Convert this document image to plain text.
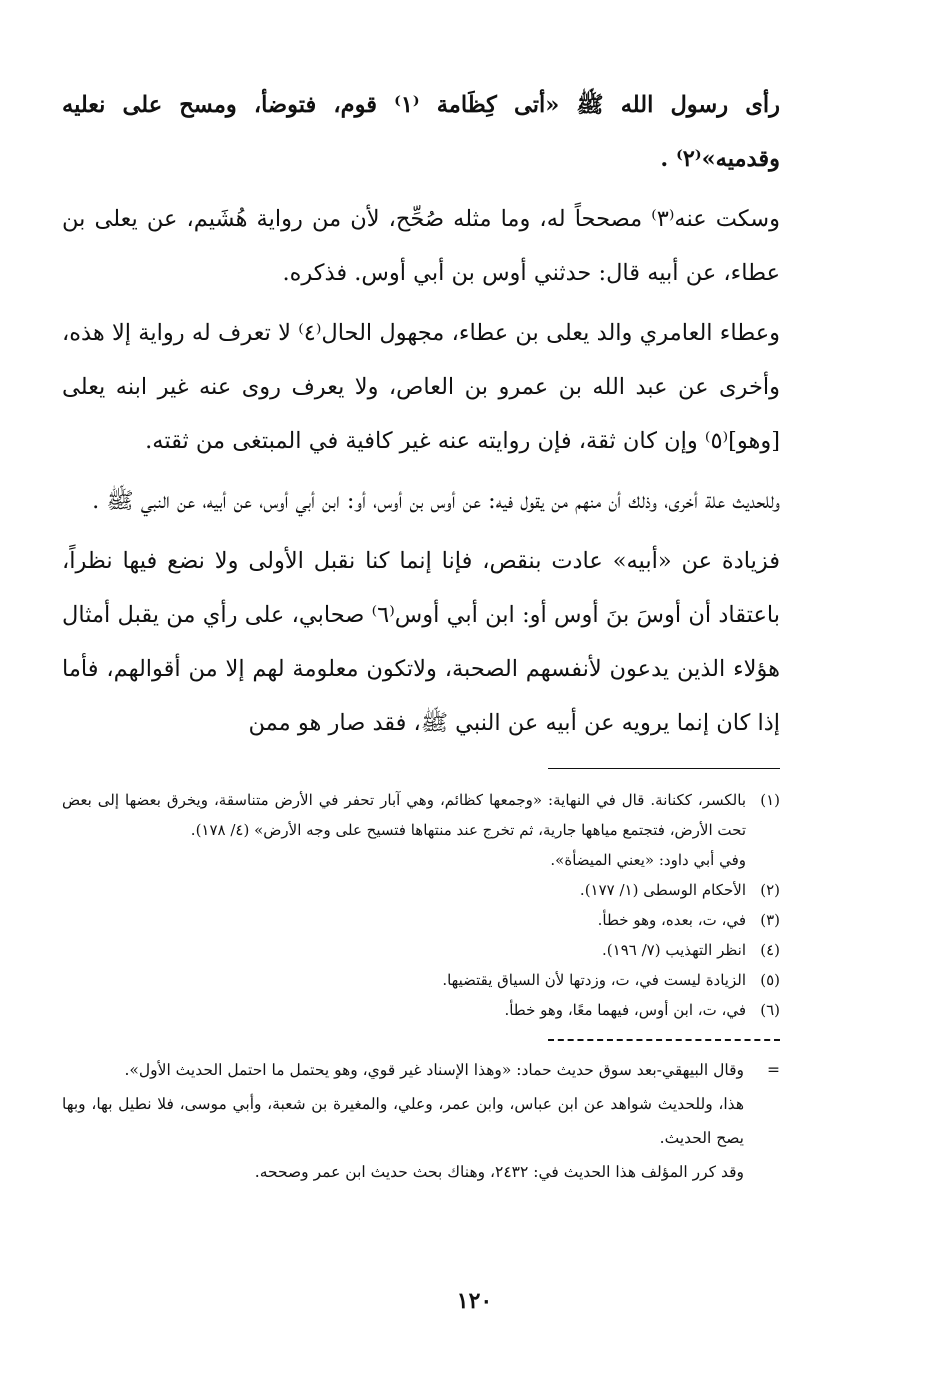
رأى رسول الله ﷺ «أتى كِظَامة ⁽١⁾ قوم، فتوضأ، ومسح على نعليه وقدميه»⁽٢⁾ .

وسكت عنه⁽٣⁾ مصححاً له، وما مثله صُحِّح، لأن من رواية هُشَيم، عن يعلى بن عطاء، عن أبيه قال: حدثني أوس بن أبي أوس. فذكره.

وعطاء العامري والد يعلى بن عطاء، مجهول الحال⁽٤⁾ لا تعرف له رواية إلا هذه، وأخرى عن عبد الله بن عمرو بن العاص، ولا يعرف روى عنه غير ابنه يعلى [وهو]⁽٥⁾ وإن كان ثقة، فإن روايته عنه غير كافية في المبتغى من ثقته.

وللحديث علة أخرى، وذلك أن منهم من يقول فيه: عن أوس بن أوس، أو: ابن أبي أوس، عن أبيه، عن النبي ﷺ .

فزيادة عن «أبيه» عادت بنقص، فإنا إنما كنا نقبل الأولى ولا نضع فيها نظراً، باعتقاد أن أوسَ بنَ أوس أو: ابن أبي أوس⁽٦⁾ صحابي، على رأي من يقبل أمثال هؤلاء الذين يدعون لأنفسهم الصحبة، ولاتكون معلومة لهم إلا من أقوالهم، فأما إذا كان إنما يرويه عن أبيه عن النبي ﷺ، فقد صار هو ممن

(١)
بالكسر، ككنانة. قال في النهاية: «وجمعها كظائم، وهي آبار تحفر في الأرض متناسقة، ويخرق بعضها إلى بعض تحت الأرض، فتجتمع مياهها جارية، ثم تخرج عند منتهاها فتسيح على وجه الأرض» (٤/ ١٧٨).
وفي أبي داود: «يعني الميضأة».
(٢)
الأحكام الوسطى (١/ ١٧٧).
(٣)
في، ت، بعده، وهو خطأ.
(٤)
انظر التهذيب (٧/ ١٩٦).
(٥)
الزيادة ليست في، ت، وزدتها لأن السياق يقتضيها.
(٦)
في، ت، ابن أوس، فيهما معًا، وهو خطأ.
=
وقال البيهقي-بعد سوق حديث حماد: «وهذا الإسناد غير قوي، وهو يحتمل ما احتمل الحديث الأول».
هذا، وللحديث شواهد عن ابن عباس، وابن عمر، وعلي، والمغيرة بن شعبة، وأبي موسى، فلا نطيل بها، وبها يصح الحديث.
وقد كرر المؤلف هذا الحديث في: ٢٤٣٢، وهناك بحث حديث ابن عمر وصححه.
١٢٠
